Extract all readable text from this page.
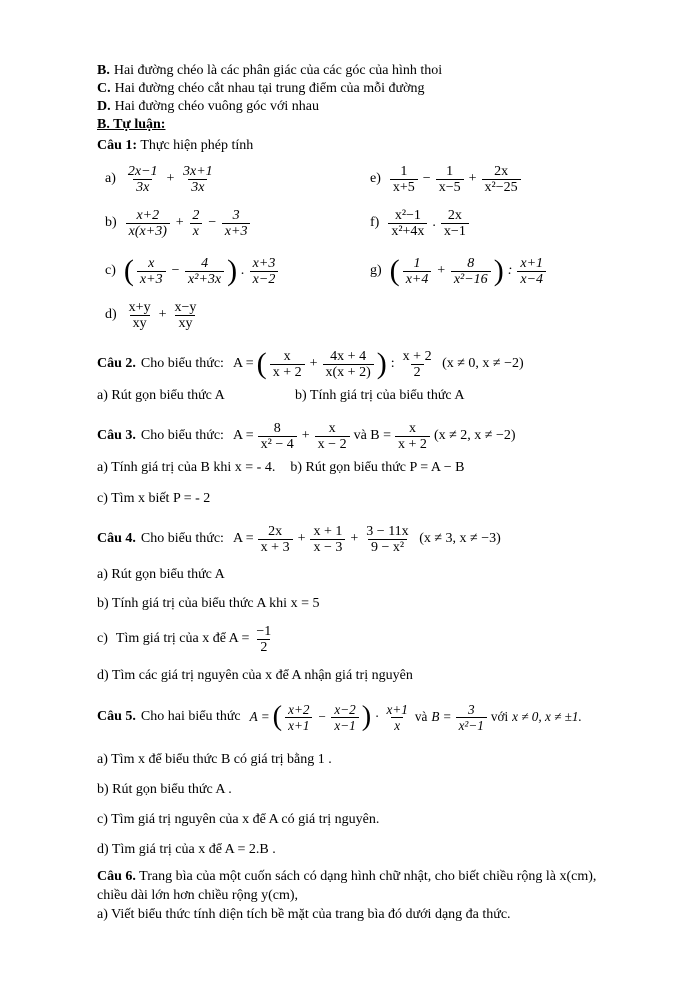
B. Hai đường chéo là các phân giác của các góc của hình thoi
C. Hai đường chéo cắt nhau tại trung điểm của mỗi đường
D. Hai đường chéo vuông góc với nhau
B. Tự luận:
Câu 1: Thực hiện phép tính
$a) \frac{2x-1}{3x} + \frac{3x+1}{3x}$
$b) \frac{x+2}{x(x+3)} + \frac{2}{x} - \frac{3}{x+3}$
c) ( $\frac{x}{x+3} - \frac{4}{\text{x²+3x}}$ ) . $\frac{x+3}{x-2}$
$d) \frac{x+y}{xy} + \frac{x-y}{xy}$
$e) \frac{1}{x+5} - \frac{1}{x-5} + \frac{2x}{\text{x²−25}}$
$f) \frac{\text{x²−1}}{\text{x²+4x}}$ . $\frac{2x}{x-1}$
g) ( $\frac{1}{x+4} + \frac{8}{\text{x²−16}}$ ) : $\frac{x+1}{x-4}$
Câu 2. Cho biểu thức: A = ( $\frac{x}{x + 2} + \frac{4x + 4}{x(x + 2)}$ ) : $\frac{x + 2}{2} (x \ne 0$, x ≠ −2)
a) Rút gọn biểu thức A	b) Tính giá trị của biểu thức A
Câu 3. Cho biểu thức: $A = \frac{8}{\text{x² − 4}} + \frac{x}{x - 2}$ và $B = \frac{x}{x + 2} (x \ne 2$, x ≠ −2)
a) Tính giá trị của B khi x = - 4. b) Rút gọn biểu thức P = A − B
c) Tìm x biết P = - 2
Câu 4. Cho biểu thức: $A = \frac{2x}{x + 3} + \frac{x + 1}{x - 3} + \frac{3 - 11x}{\text{9 − x²}} (x \ne 3$, x ≠ −3)
a) Rút gọn biểu thức A
b) Tính giá trị của biểu thức A khi x = 5
c) Tìm giá trị của x để $A = \frac{-1}{2}$
d) Tìm các giá trị nguyên của x để A nhận giá trị nguyên
Câu 5. Cho hai biểu thức A = ( $\frac{x+2}{x+1} - \frac{x-2}{x-1}$ ) · $\frac{x+1}{x}$ và $B = \frac{3}{\text{x²−1}}$ với x ≠ 0, x ≠ ±1.
a) Tìm x để biểu thức B có giá trị bằng 1 .
b) Rút gọn biểu thức A .
c) Tìm giá trị nguyên của x để A có giá trị nguyên.
d) Tìm giá trị của x để A = 2.B .
Câu 6. Trang bìa của một cuốn sách có dạng hình chữ nhật, cho biết chiều rộng là x(cm), chiều dài lớn hơn chiều rộng y(cm),
a) Viết biểu thức tính diện tích bề mặt của trang bìa đó dưới dạng đa thức.
